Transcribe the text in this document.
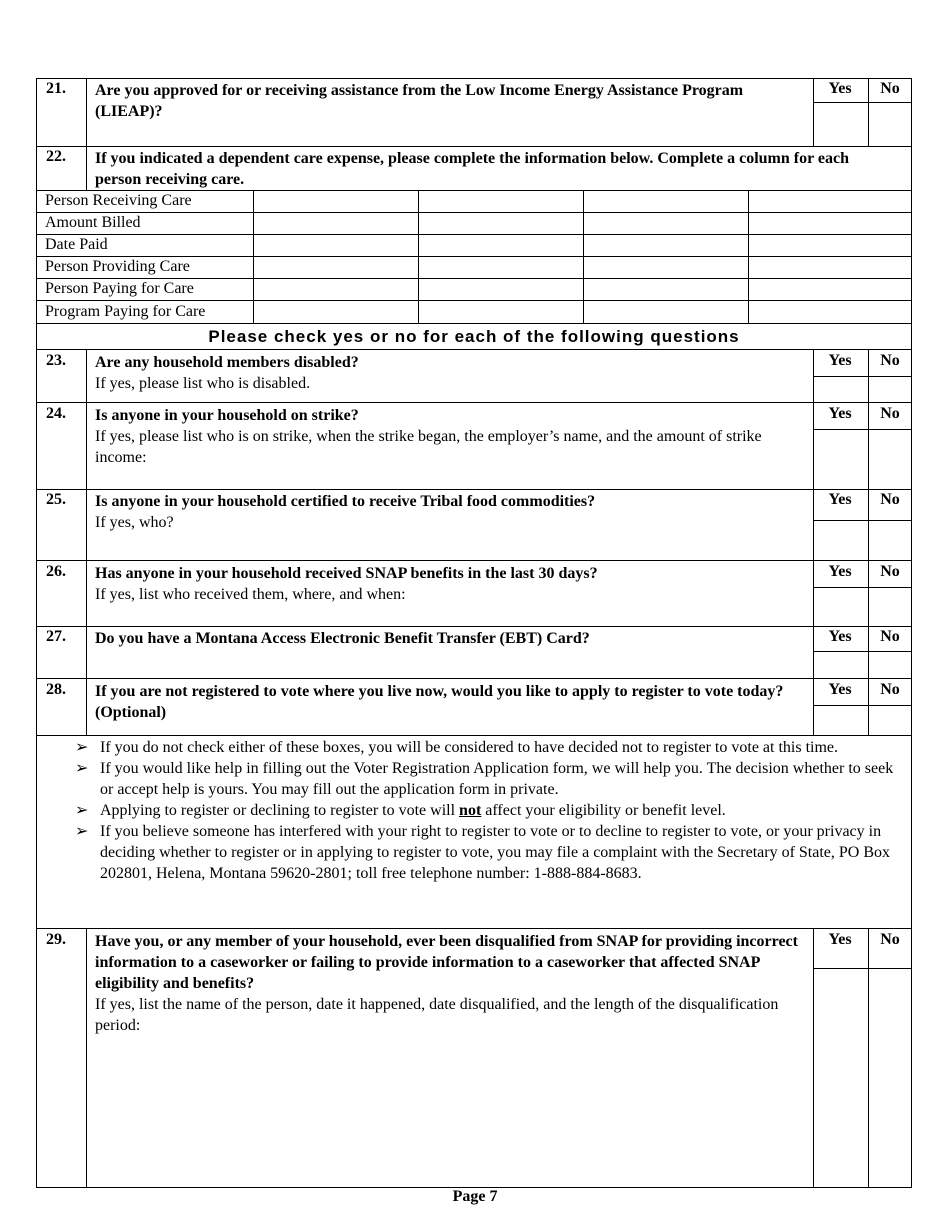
21. Are you approved for or receiving assistance from the Low Income Energy Assistance Program (LIEAP)?
Yes	No
22. If you indicated a dependent care expense, please complete the information below. Complete a column for each person receiving care.
Person Receiving Care
Amount Billed
Date Paid
Person Providing Care
Person Paying for Care
Program Paying for Care
Please check yes or no for each of the following questions
23. Are any household members disabled?
If yes, please list who is disabled.
Yes	No
24. Is anyone in your household on strike?
If yes, please list who is on strike, when the strike began, the employer’s name, and the amount of strike income:
Yes	No
25. Is anyone in your household certified to receive Tribal food commodities?
If yes, who?
Yes	No
26. Has anyone in your household received SNAP benefits in the last 30 days?
If yes, list who received them, where, and when:
Yes	No
27. Do you have a Montana Access Electronic Benefit Transfer (EBT) Card?	Yes	No
28. If you are not registered to vote where you live now, would you like to apply to register to vote today? (Optional)
Yes	No
➢ If you do not check either of these boxes, you will be considered to have decided not to register to vote at this time.
➢ If you would like help in filling out the Voter Registration Application form, we will help you. The decision whether to seek or accept help is yours. You may fill out the application form in private.
➢ Applying to register or declining to register to vote will not affect your eligibility or benefit level.
➢ If you believe someone has interfered with your right to register to vote or to decline to register to vote, or your privacy in deciding whether to register or in applying to register to vote, you may file a complaint with the Secretary of State, PO Box 202801, Helena, Montana 59620-2801; toll free telephone number: 1-888-884-8683.
29. Have you, or any member of your household, ever been disqualified from SNAP for providing incorrect information to a caseworker or failing to provide information to a caseworker that affected SNAP eligibility and benefits?
If yes, list the name of the person, date it happened, date disqualified, and the length of the disqualification period:
Yes	No
Page 7
